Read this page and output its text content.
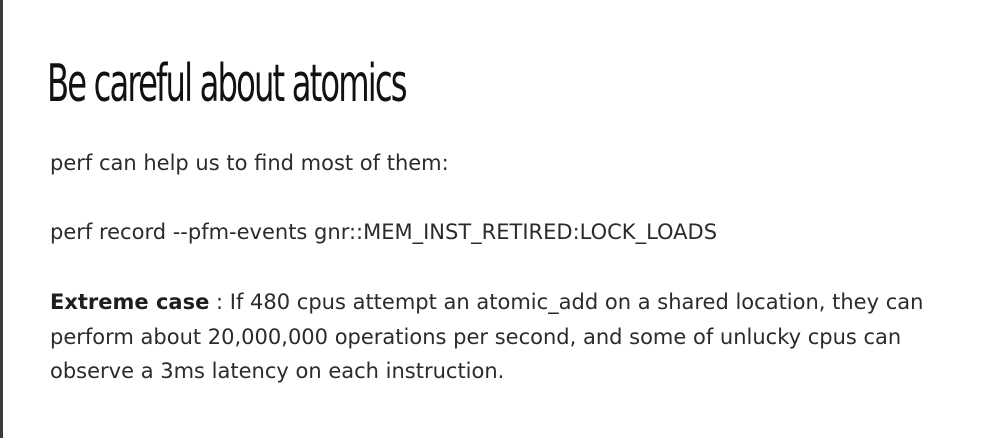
Be careful about atomics

perf can help us to find most of them:

perf record --pfm-events gnr::MEM_INST_RETIRED:LOCK_LOADS

Extreme case : If 480 cpus attempt an atomic_add on a shared location, they can perform about 20,000,000 operations per second, and some of unlucky cpus can observe a 3ms latency on each instruction.
